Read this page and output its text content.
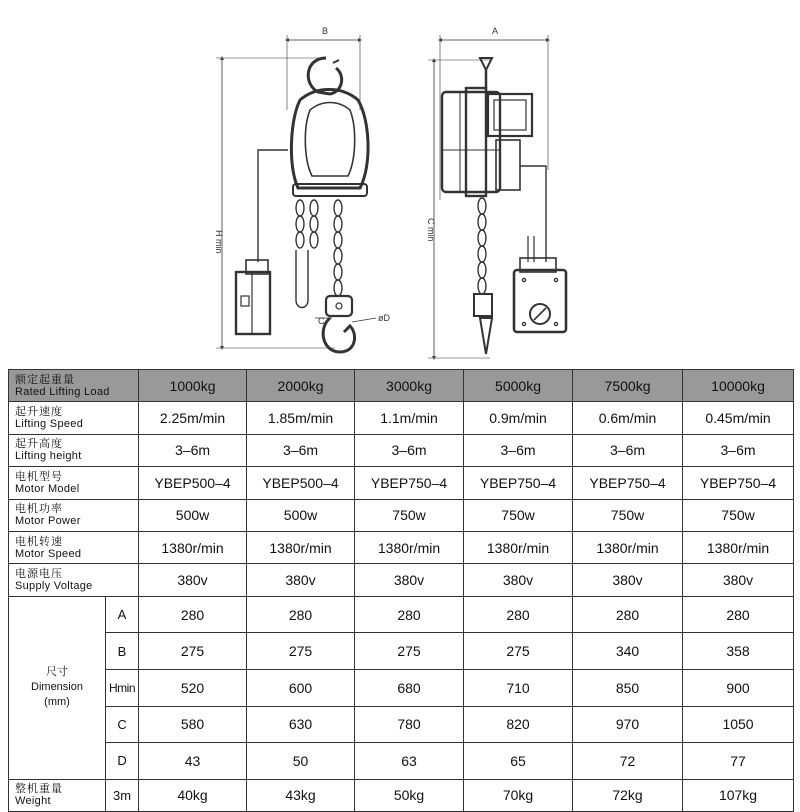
C
B	A
H min
C min
øD
额定起重量
Rated Lifting Load		1000kg	2000kg	3000kg	5000kg	7500kg	10000kg

起升速度
Lifting Speed		2.25m/min	1.85m/min	1.1m/min	0.9m/min	0.6m/min	0.45m/min

起升高度
Lifting height		3–6m	3–6m	3–6m	3–6m	3–6m	3–6m

电机型号
Motor Model		YBEP500–4	YBEP500–4	YBEP750–4	YBEP750–4	YBEP750–4	YBEP750–4

电机功率
Motor Power		500w	500w	750w	750w	750w	750w

电机转速
Motor Speed		1380r/min	1380r/min	1380r/min	1380r/min	1380r/min	1380r/min

电源电压
Supply Voltage		380v	380v	380v	380v	380v	380v

尺寸
Dimension
(mm)	A	280	280	280	280	280	280
	B	275	275	275	275	340	358
	Hmin	520	600	680	710	850	900
	C	580	630	780	820	970	1050
	D	43	50	63	65	72	77

整机重量
Weight	3m	40kg	43kg	50kg	70kg	72kg	107kg
